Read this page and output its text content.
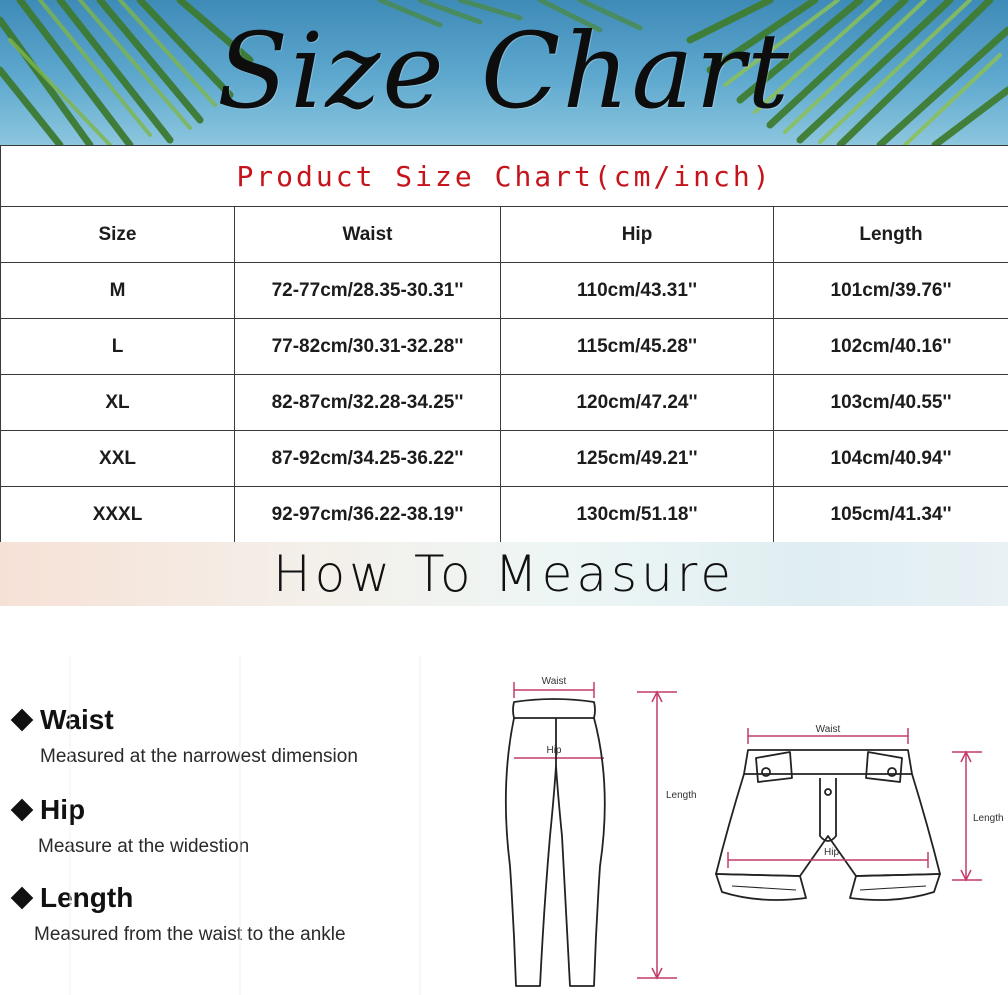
Size Chart
Product Size Chart(cm/inch)			
Size	Waist	Hip	Length
M	72-77cm/28.35-30.31''	110cm/43.31''	101cm/39.76''
L	77-82cm/30.31-32.28''	115cm/45.28''	102cm/40.16''
XL	82-87cm/32.28-34.25''	120cm/47.24''	103cm/40.55''
XXL	87-92cm/34.25-36.22''	125cm/49.21''	104cm/40.94''
XXXL	92-97cm/36.22-38.19''	130cm/51.18''	105cm/41.34''
How To Measure
Waist
Measured at the narrowest dimension
Hip
Measure at the widestion
Length
Measured from the waist to the ankle
Waist
Hip
Length
Waist
Hip
Length
